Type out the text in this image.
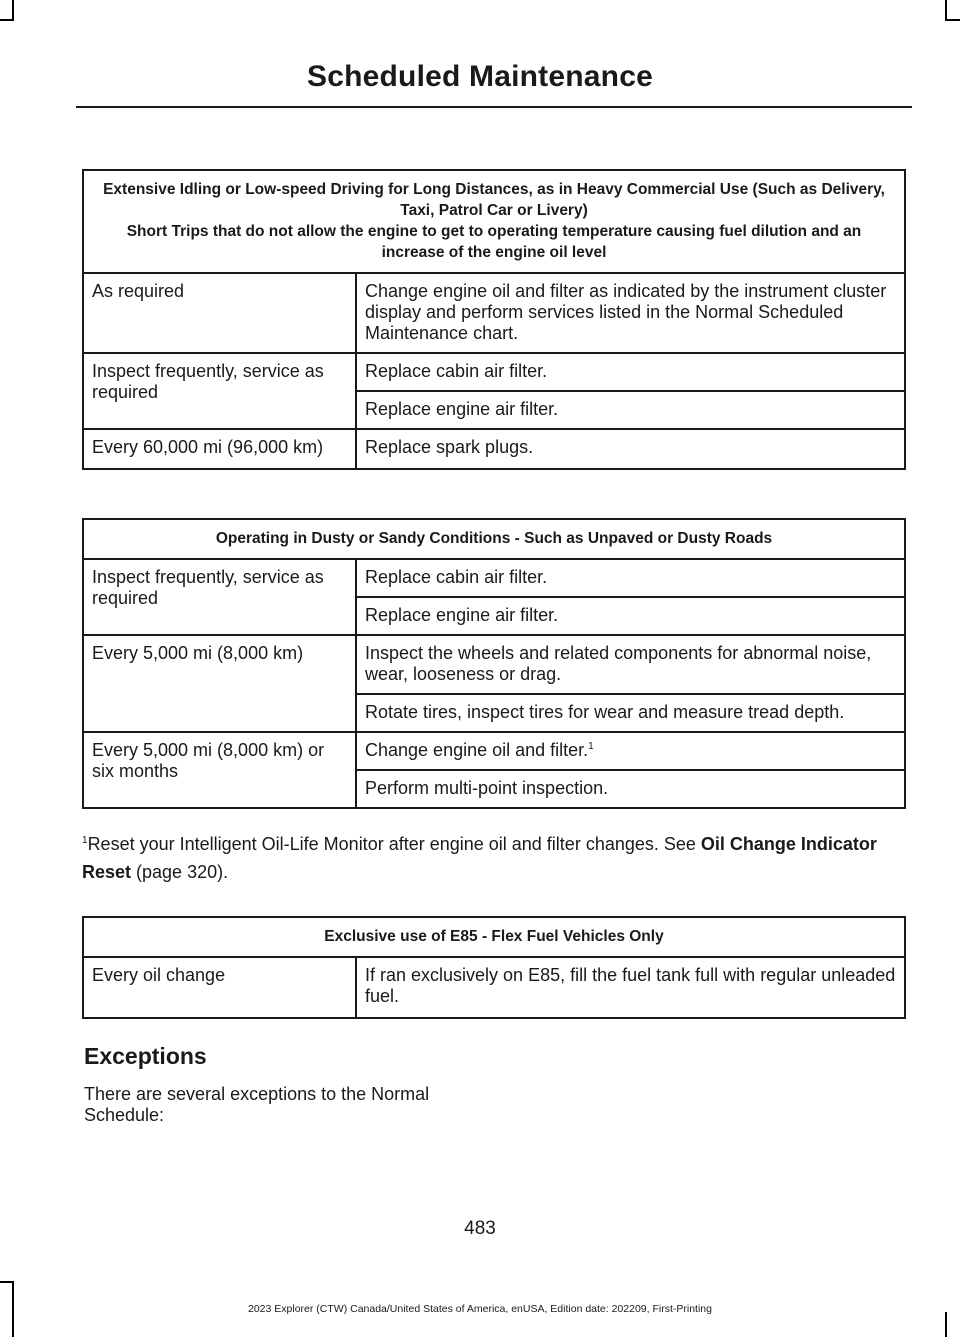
Scheduled Maintenance
Extensive Idling or Low-speed Driving for Long Distances, as in Heavy Commercial Use (Such as Delivery, Taxi, Patrol Car or Livery)
Short Trips that do not allow the engine to get to operating temperature causing fuel dilution and an increase of the engine oil level	

As required	Change engine oil and filter as indicated by the instrument cluster display and perform services listed in the Normal Scheduled Maintenance chart.
Inspect frequently, service as required	Replace cabin air filter.
	Replace engine air filter.
Every 60,000 mi (96,000 km)	Replace spark plugs.
Operating in Dusty or Sandy Conditions - Such as Unpaved or Dusty Roads	

Inspect frequently, service as required	Replace cabin air filter.
	Replace engine air filter.
Every 5,000 mi (8,000 km)	Inspect the wheels and related components for abnormal noise, wear, looseness or drag.
	Rotate tires, inspect tires for wear and measure tread depth.
Every 5,000 mi (8,000 km) or six months	Change engine oil and filter.$^1$
	Perform multi-point inspection.
$^1$Reset your Intelligent Oil-Life Monitor after engine oil and filter changes. See Oil Change Indicator Reset (page 320).
Exclusive use of E85 - Flex Fuel Vehicles Only

Every oil change	If ran exclusively on E85, fill the fuel tank full with regular unleaded fuel.
Exceptions
There are several exceptions to the Normal Schedule:
483
2023 Explorer (CTW) Canada/United States of America, enUSA, Edition date: 202209, First-Printing
